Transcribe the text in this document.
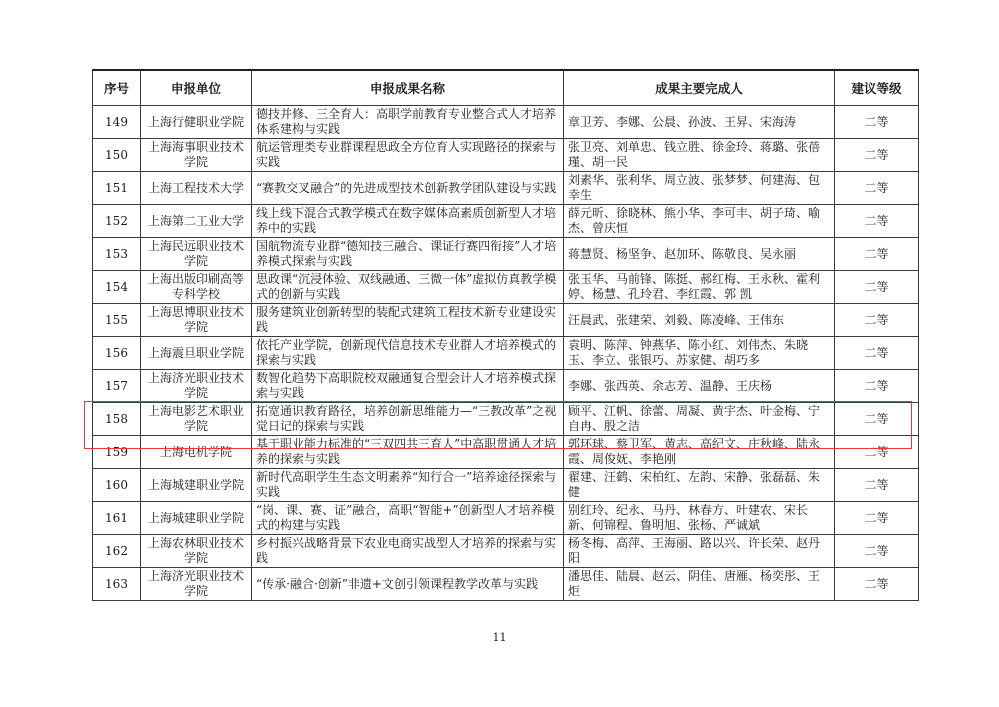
序号	申报单位	申报成果名称	成果主要完成人	建议等级
149	上海行健职业学院	德技并修、三全育人：高职学前教育专业整合式人才培养体系建构与实践	章卫芳、李娜、公晨、孙波、王昇、宋海涛	二等
150	上海海事职业技术学院	航运管理类专业群课程思政全方位育人实现路径的探索与实践	张卫亮、刘单忠、钱立胜、徐金玲、蒋璐、张蓓瑾、胡一民	二等
151	上海工程技术大学	“赛教交叉融合”的先进成型技术创新教学团队建设与实践	刘素华、张利华、周立波、张梦梦、何建海、包幸生	二等
152	上海第二工业大学	线上线下混合式教学模式在数字媒体高素质创新型人才培养中的实践	薛元昕、徐晓林、熊小华、李可丰、胡子琦、喻杰、曾庆恒	二等
153	上海民远职业技术学院	国航物流专业群“德知技三融合、课证行赛四衔接”人才培养模式探索与实践	蒋慧贤、杨坚争、赵加环、陈敬良、吴永丽	二等
154	上海出版印刷高等专科学校	思政课“沉浸体验、双线融通、三微一体”虚拟仿真教学模式的创新与实践	张玉华、马前锋、陈挺、郝红梅、王永秋、霍利婷、杨慧、孔玲君、李红霞、郭 凯	二等
155	上海思博职业技术学院	服务建筑业创新转型的装配式建筑工程技术新专业建设实践	汪晨武、张建荣、刘毅、陈凌峰、王伟东	二等
156	上海震旦职业学院	依托产业学院，创新现代信息技术专业群人才培养模式的探索与实践	袁明、陈萍、钟燕华、陈小红、刘伟杰、朱晓玉、李立、张银巧、苏家健、胡巧多	二等
157	上海济光职业技术学院	数智化趋势下高职院校双融通复合型会计人才培养模式探索与实践	李娜、张西英、余志芳、温静、王庆杨	二等
158	上海电影艺术职业学院	拓宽通识教育路径，培养创新思维能力—“三教改革”之视觉日记的探索与实践	顾平、江帆、徐蕾、周凝、黄宇杰、叶金梅、宁自冉、殷之洁	二等
159	上海电机学院	基于职业能力标准的“三双四共三育人”中高职贯通人才培养的探索与实践	郭环球、蔡卫军、黄志、高纪文、庄秋峰、陆永霞、周俊妩、李艳刚	二等
160	上海城建职业学院	新时代高职学生生态文明素养“知行合一”培养途径探索与实践	翟建、汪鹤、宋柏红、左韵、宋静、张磊磊、朱健	二等
161	上海城建职业学院	“岗、课、赛、证”融合，高职“智能+”创新型人才培养模式的构建与实践	别红玲、纪永、马丹、林春方、叶建农、宋长新、何锦程、鲁明旭、张杨、严诚斌	二等
162	上海农林职业技术学院	乡村振兴战略背景下农业电商实战型人才培养的探索与实践	杨冬梅、高萍、王海丽、路以兴、许长荣、赵丹阳	二等
163	上海济光职业技术学院	“传承·融合·创新”非遗+文创引领课程教学改革与实践	潘思佳、陆晨、赵云、阴佳、唐雁、杨奕彤、王炬	二等
11
